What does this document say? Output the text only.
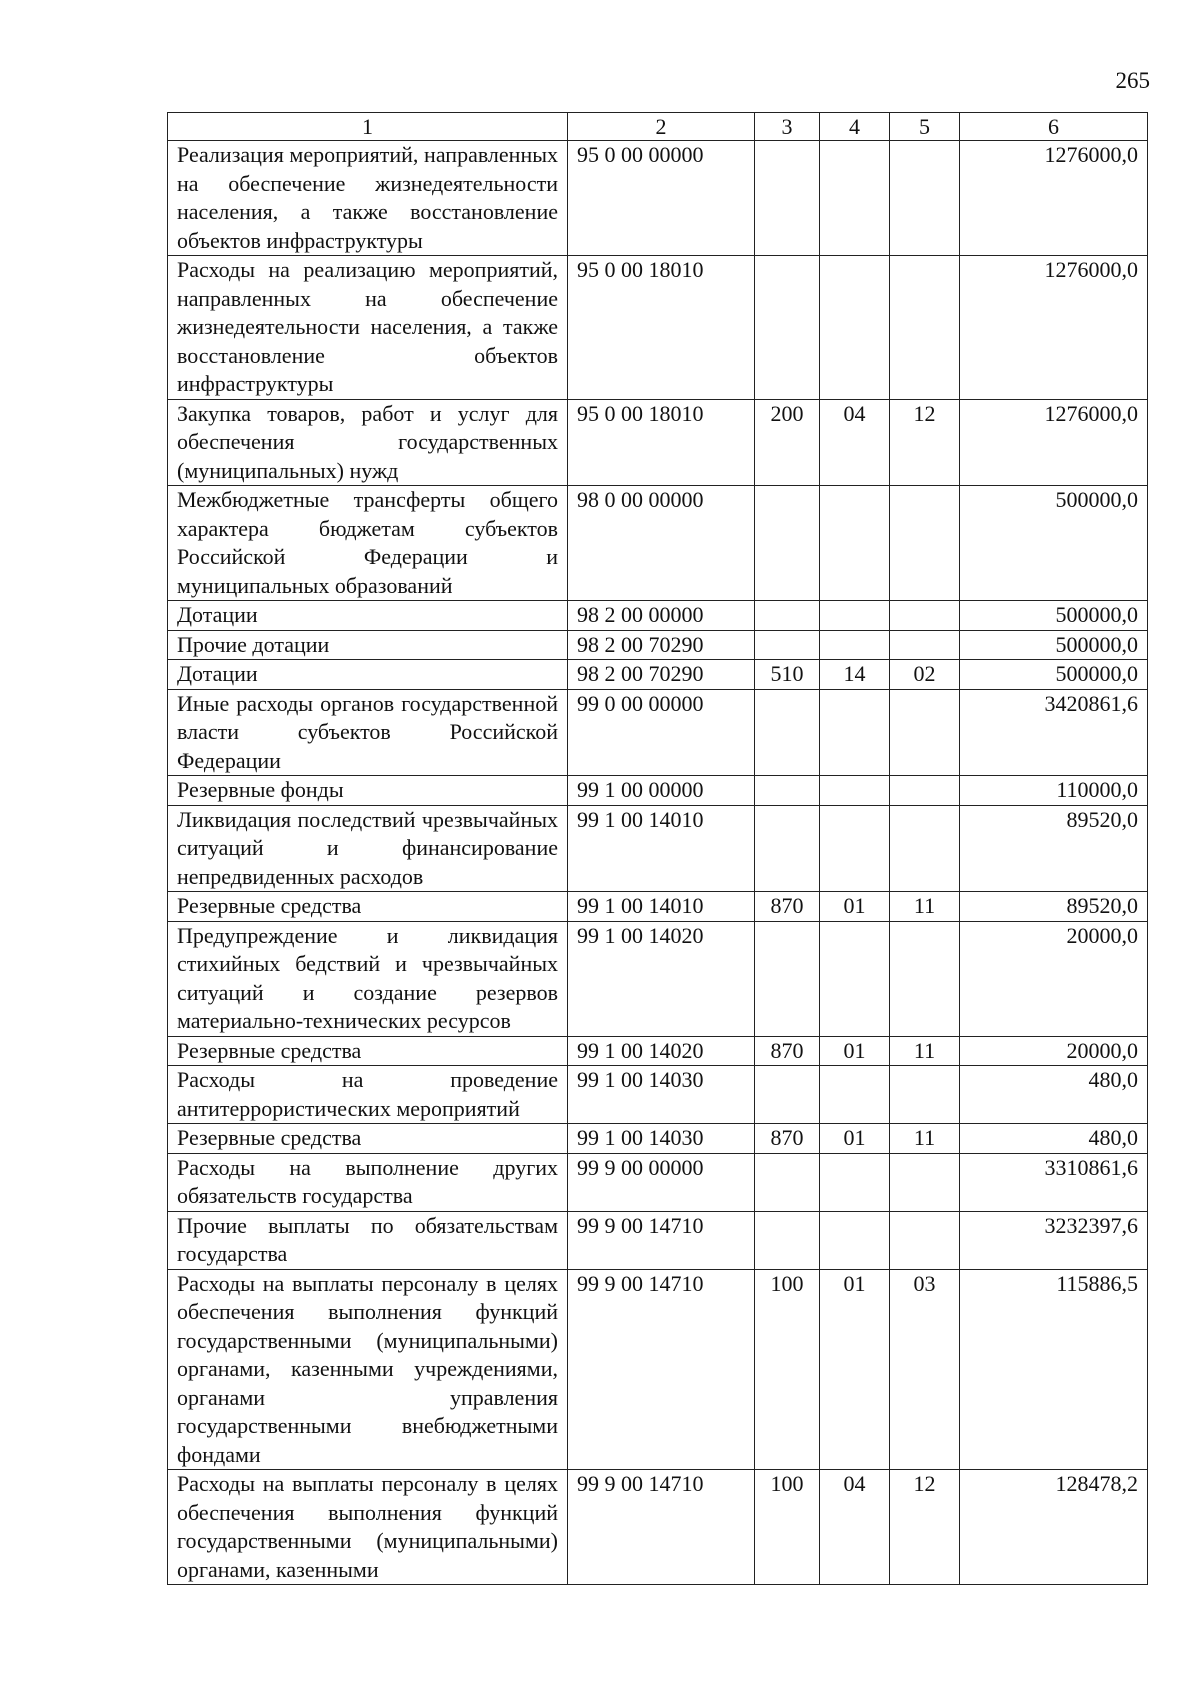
265
1	2	3	4	5	6
Реализация мероприятий, направленных на обеспечение жизнедеятельности населения, а также восстановление объектов инфраструктуры	95 0 00 00000				1276000,0
Расходы на реализацию мероприятий, направленных на обеспечение жизнедеятельности населения, а также восстановление объектов инфраструктуры	95 0 00 18010				1276000,0
Закупка товаров, работ и услуг для обеспечения государственных (муниципальных) нужд	95 0 00 18010	200	04	12	1276000,0
Межбюджетные трансферты общего характера бюджетам субъектов Российской Федерации и муниципальных образований	98 0 00 00000				500000,0
Дотации	98 2 00 00000				500000,0
Прочие дотации	98 2 00 70290				500000,0
Дотации	98 2 00 70290	510	14	02	500000,0
Иные расходы органов государственной власти субъектов Российской Федерации	99 0 00 00000				3420861,6
Резервные фонды	99 1 00 00000				110000,0
Ликвидация последствий чрезвычайных ситуаций и финансирование непредвиденных расходов	99 1 00 14010				89520,0
Резервные средства	99 1 00 14010	870	01	11	89520,0
Предупреждение и ликвидация стихийных бедствий и чрезвычайных ситуаций и создание резервов материально-технических ресурсов	99 1 00 14020				20000,0
Резервные средства	99 1 00 14020	870	01	11	20000,0
Расходы на проведение антитеррористических мероприятий	99 1 00 14030				480,0
Резервные средства	99 1 00 14030	870	01	11	480,0
Расходы на выполнение других обязательств государства	99 9 00 00000				3310861,6
Прочие выплаты по обязательствам государства	99 9 00 14710				3232397,6
Расходы на выплаты персоналу в целях обеспечения выполнения функций государственными (муниципальными) органами, казенными учреждениями, органами управления государственными внебюджетными фондами	99 9 00 14710	100	01	03	115886,5
Расходы на выплаты персоналу в целях обеспечения выполнения функций государственными (муниципальными) органами, казенными	99 9 00 14710	100	04	12	128478,2
